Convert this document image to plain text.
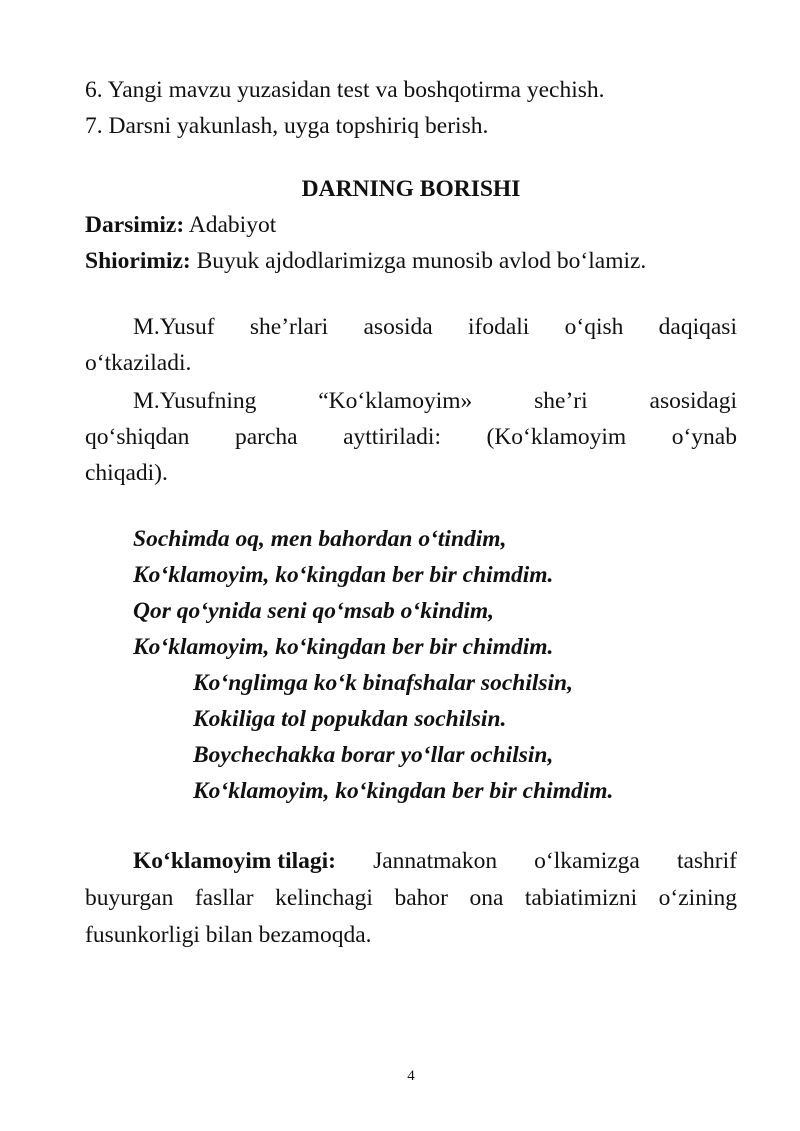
6. Yangi mavzu yuzasidan test va boshqotirma yechish.

7. Darsni yakunlash, uyga topshiriq berish.

DARNING BORISHI

Darsimiz: Adabiyot

Shiorimiz: Buyuk ajdodlarimizga munosib avlod boʻlamiz.

M.Yusuf she’rlari asosida ifodali oʻqish daqiqasi

oʻtkaziladi.

M.Yusufning	“Koʻklamoyim»	she’ri	asosidagi

qoʻshiqdan parcha ayttiriladi: (Koʻklamoyim oʻynab

chiqadi).

Sochimda oq, men bahordan oʻtindim,

Koʻklamoyim, koʻkingdan ber bir chimdim.

Qor qoʻynida seni qoʻmsab oʻkindim,

Koʻklamoyim, koʻkingdan ber bir chimdim.

Koʻnglimga koʻk binafshalar sochilsin,

Kokiliga tol popukdan sochilsin.

Boychechakka borar yoʻllar ochilsin,

Koʻklamoyim, koʻkingdan ber bir chimdim.

Koʻklamoyim tilagi: Jannatmakon oʻlkamizga tashrif

buyurgan fasllar kelinchagi bahor ona tabiatimizni oʻzining

fusunkorligi bilan bezamoqda.

4
